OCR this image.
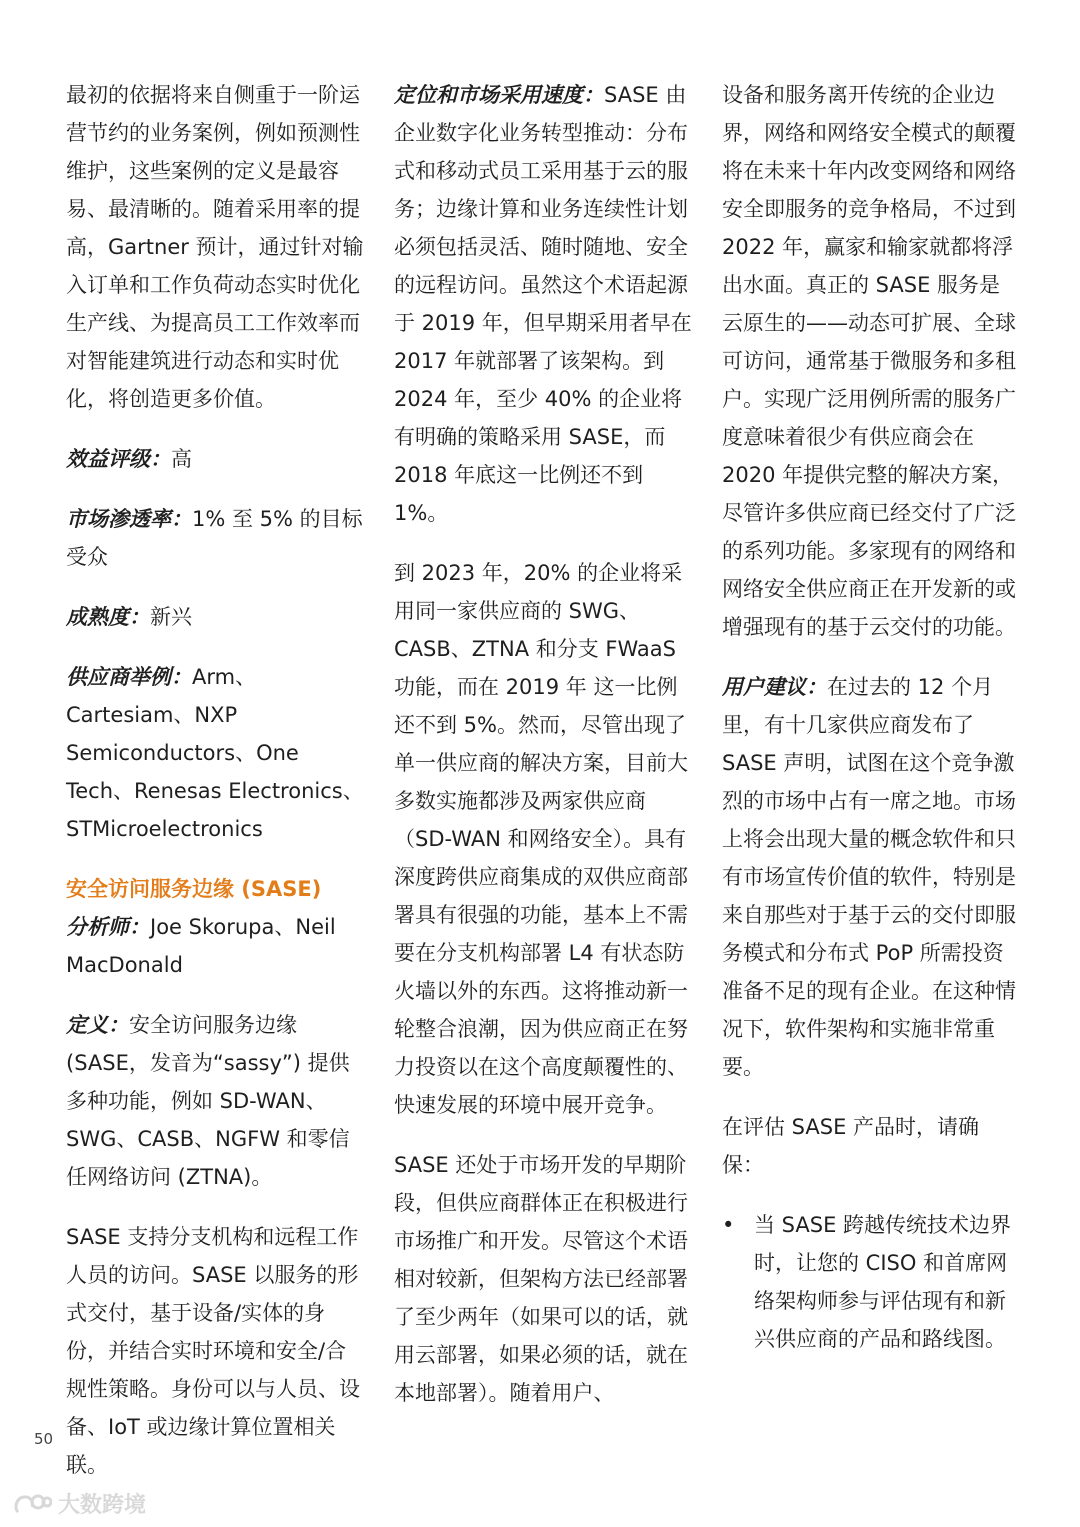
最初的依据将来自侧重于一阶运营节约的业务案例，例如预测性维护，这些案例的定义是最容易、最清晰的。随着采用率的提高，Gartner 预计，通过针对输入订单和工作负荷动态实时优化生产线、为提高员工工作效率而对智能建筑进行动态和实时优化，将创造更多价值。

效益评级：高

市场渗透率：1% 至 5% 的目标受众

成熟度：新兴

供应商举例：Arm、Cartesiam、NXP Semiconductors、One Tech、Renesas Electronics、STMicroelectronics

安全访问服务边缘 (SASE)

分析师：Joe Skorupa、Neil MacDonald

定义：安全访问服务边缘 (SASE，发音为“sassy”) 提供多种功能，例如 SD-WAN、SWG、CASB、NGFW 和零信任网络访问 (ZTNA)。

SASE 支持分支机构和远程工作人员的访问。SASE 以服务的形式交付，基于设备/实体的身份，并结合实时环境和安全/合规性策略。身份可以与人员、设备、IoT 或边缘计算位置相关联。

定位和市场采用速度：SASE 由企业数字化业务转型推动：分布式和移动式员工采用基于云的服务；边缘计算和业务连续性计划必须包括灵活、随时随地、安全的远程访问。虽然这个术语起源于 2019 年，但早期采用者早在 2017 年就部署了该架构。到 2024 年，至少 40% 的企业将有明确的策略采用 SASE，而 2018 年底这一比例还不到 1%。

到 2023 年，20% 的企业将采用同一家供应商的 SWG、CASB、ZTNA 和分支 FWaaS 功能，而在 2019 年 这一比例还不到 5%。然而，尽管出现了单一供应商的解决方案，目前大多数实施都涉及两家供应商（SD-WAN 和网络安全）。具有深度跨供应商集成的双供应商部署具有很强的功能，基本上不需要在分支机构部署 L4 有状态防火墙以外的东西。这将推动新一轮整合浪潮，因为供应商正在努力投资以在这个高度颠覆性的、快速发展的环境中展开竞争。

SASE 还处于市场开发的早期阶段，但供应商群体正在积极进行市场推广和开发。尽管这个术语相对较新，但架构方法已经部署了至少两年（如果可以的话，就用云部署，如果必须的话，就在本地部署）。随着用户、

设备和服务离开传统的企业边界，网络和网络安全模式的颠覆将在未来十年内改变网络和网络安全即服务的竞争格局，不过到 2022 年，赢家和输家就都将浮出水面。真正的 SASE 服务是云原生的——动态可扩展、全球可访问，通常基于微服务和多租户。实现广泛用例所需的服务广度意味着很少有供应商会在 2020 年提供完整的解决方案，尽管许多供应商已经交付了广泛的系列功能。多家现有的网络和网络安全供应商正在开发新的或增强现有的基于云交付的功能。

用户建议：在过去的 12 个月里，有十几家供应商发布了 SASE 声明，试图在这个竞争激烈的市场中占有一席之地。市场上将会出现大量的概念软件和只有市场宣传价值的软件，特别是来自那些对于基于云的交付即服务模式和分布式 PoP 所需投资准备不足的现有企业。在这种情况下，软件架构和实施非常重要。

在评估 SASE 产品时，请确保：

• 当 SASE 跨越传统技术边界时，让您的 CISO 和首席网络架构师参与评估现有和新兴供应商的产品和路线图。
50
大数跨境
